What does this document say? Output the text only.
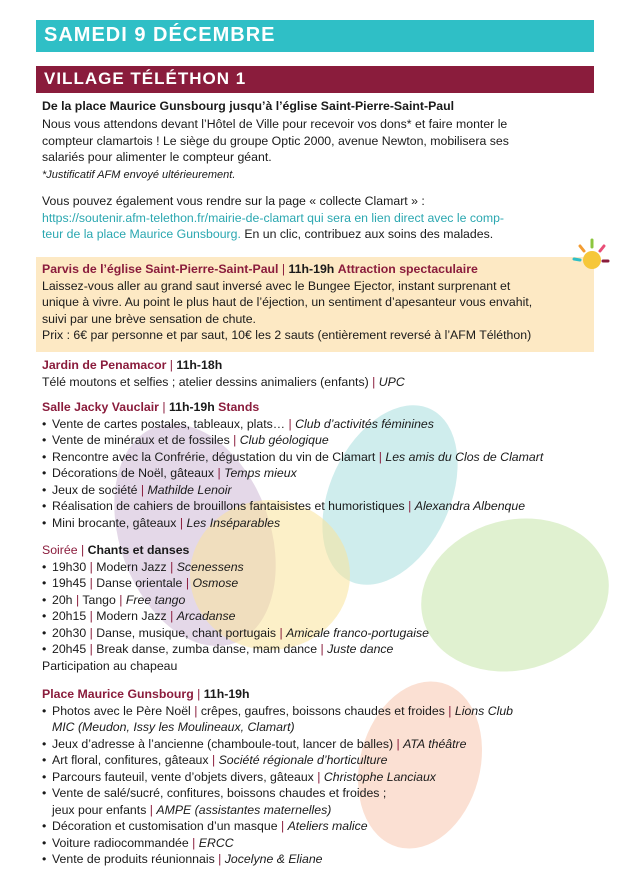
SAMEDI 9 DÉCEMBRE
VILLAGE TÉLÉTHON 1
De la place Maurice Gunsbourg jusqu’à l’église Saint-Pierre-Saint-Paul
Nous vous attendons devant l’Hôtel de Ville pour recevoir vos dons* et faire monter le
compteur clamartois ! Le siège du groupe Optic 2000, avenue Newton, mobilisera ses
salariés pour alimenter le compteur géant.
*Justificatif AFM envoyé ultérieurement.
Vous pouvez également vous rendre sur la page « collecte Clamart » :
https://soutenir.afm-telethon.fr/mairie-de-clamart qui sera en lien direct avec le comp-
teur de la place Maurice Gunsbourg. En un clic, contribuez aux soins des malades.
Parvis de l’église Saint-Pierre-Saint-Paul | 11h-19h Attraction spectaculaire
Laissez-vous aller au grand saut inversé avec le Bungee Ejector, instant surprenant et
unique à vivre. Au point le plus haut de l’éjection, un sentiment d’apesanteur vous envahit,
suivi par une brève sensation de chute.
Prix : 6€ par personne et par saut, 10€ les 2 sauts (entièrement reversé à l’AFM Téléthon)
Jardin de Penamacor | 11h-18h
Télé moutons et selfies ; atelier dessins animaliers (enfants) | UPC
Salle Jacky Vauclair | 11h-19h Stands
• Vente de cartes postales, tableaux, plats… | Club d’activités féminines
• Vente de minéraux et de fossiles | Club géologique
• Rencontre avec la Confrérie, dégustation du vin de Clamart | Les amis du Clos de Clamart
• Décorations de Noël, gâteaux | Temps mieux
• Jeux de société | Mathilde Lenoir
• Réalisation de cahiers de brouillons fantaisistes et humoristiques | Alexandra Albenque
• Mini brocante, gâteaux | Les Inséparables
Soirée | Chants et danses
• 19h30 | Modern Jazz | Scenessens
• 19h45 | Danse orientale | Osmose
• 20h | Tango | Free tango
• 20h15 | Modern Jazz | Arcadanse
• 20h30 | Danse, musique, chant portugais | Amicale franco-portugaise
• 20h45 | Break danse, zumba danse, mam dance | Juste dance
Participation au chapeau
Place Maurice Gunsbourg | 11h-19h
• Photos avec le Père Noël | crêpes, gaufres, boissons chaudes et froides | Lions Club
MIC (Meudon, Issy les Moulineaux, Clamart)
• Jeux d’adresse à l’ancienne (chamboule-tout, lancer de balles) | ATA théâtre
• Art floral, confitures, gâteaux | Société régionale d’horticulture
• Parcours fauteuil, vente d’objets divers, gâteaux | Christophe Lanciaux
• Vente de salé/sucré, confitures, boissons chaudes et froides ;
jeux pour enfants | AMPE (assistantes maternelles)
• Décoration et customisation d’un masque | Ateliers malice
• Voiture radiocommandée | ERCC
• Vente de produits réunionnais | Jocelyne & Eliane
